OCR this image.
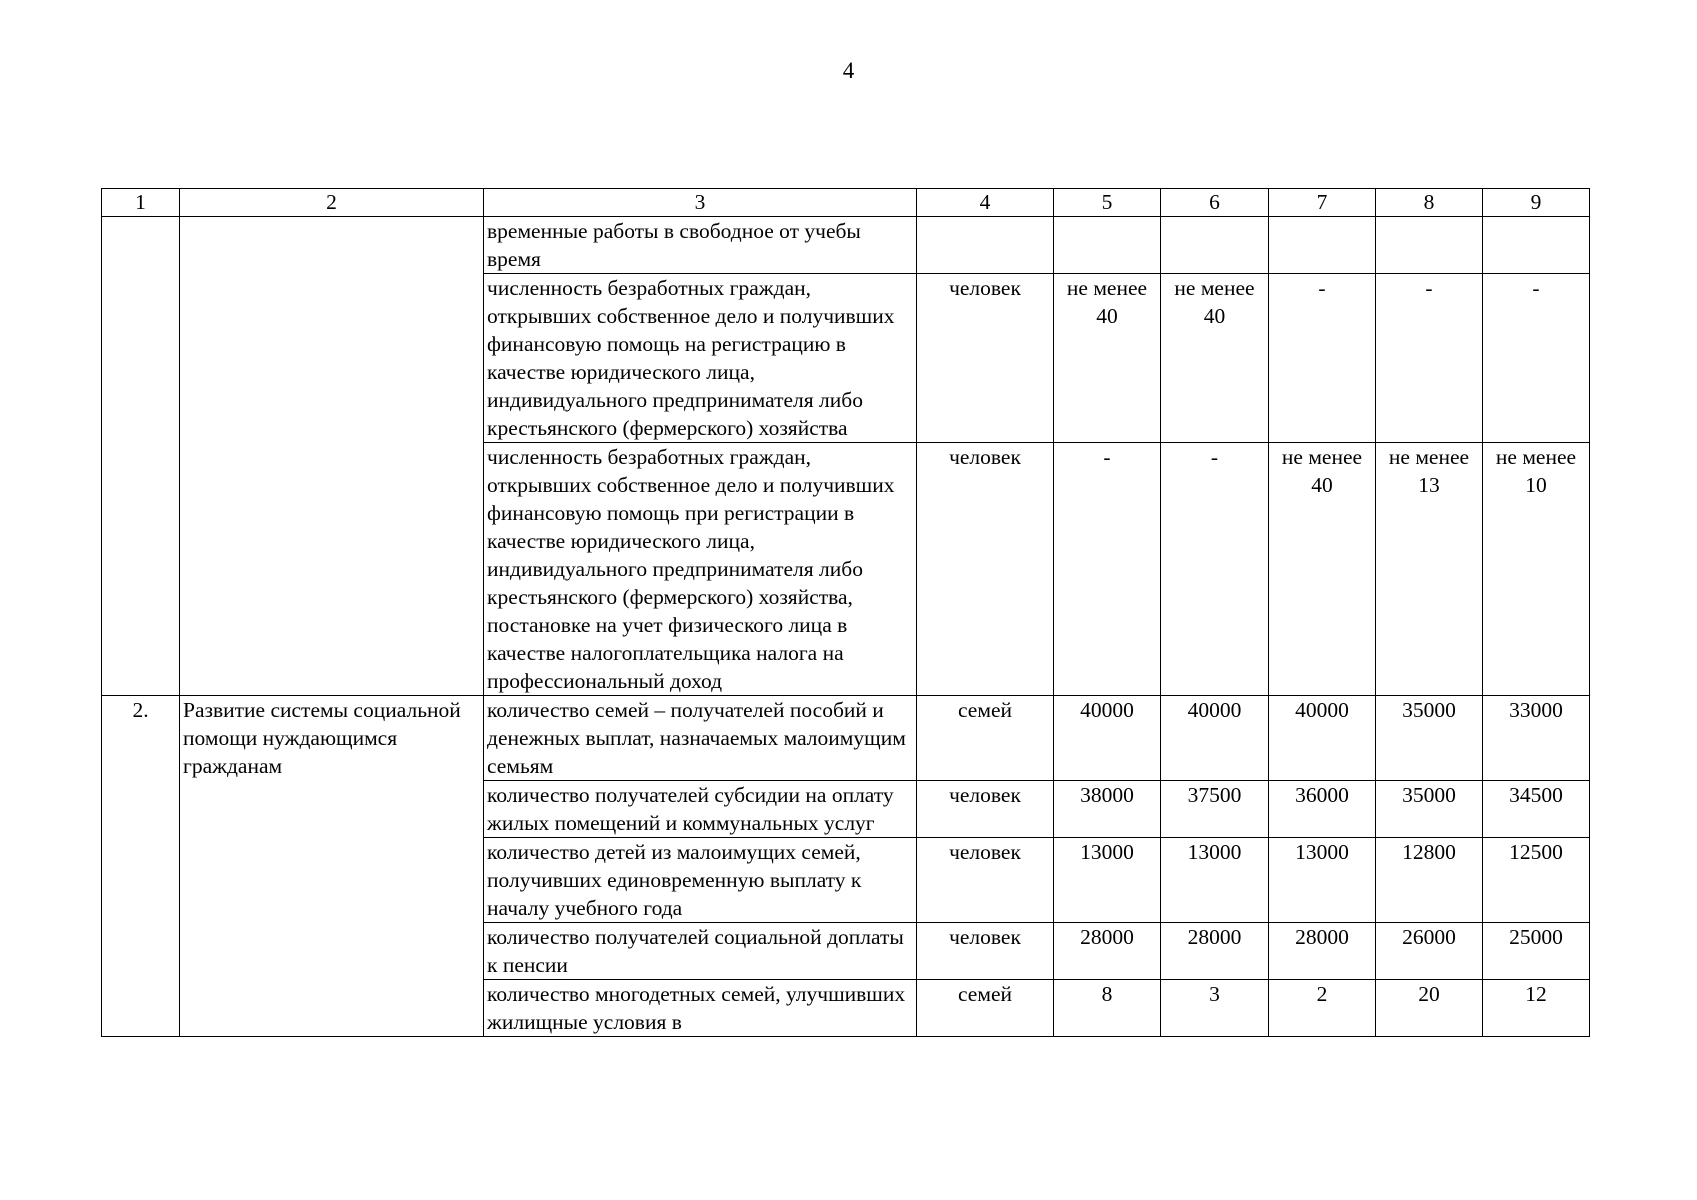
4
1	2	3	4	5	6	7	8	9
		временные работы в свободное от учебы время						
		численность безработных граждан, открывших собственное дело и получивших финансовую помощь на регистрацию в качестве юридического лица, индивидуального предпринимателя либо крестьянского (фермерского) хозяйства	человек	не менее 40	не менее 40	-	-	-
		численность безработных граждан, открывших собственное дело и получивших финансовую помощь при регистрации в качестве юридического лица, индивидуального предпринимателя либо крестьянского (фермерского) хозяйства, постановке на учет физического лица в качестве налогоплательщика налога на профессиональный доход	человек	-	-	не менее 40	не менее 13	не менее 10
2.	Развитие системы социальной помощи нуждающимся гражданам	количество семей – получателей пособий и денежных выплат, назначаемых малоимущим семьям	семей	40000	40000	40000	35000	33000
		количество получателей субсидии на оплату жилых помещений и коммунальных услуг	человек	38000	37500	36000	35000	34500
		количество детей из малоимущих семей, получивших единовременную выплату к началу учебного года	человек	13000	13000	13000	12800	12500
		количество получателей социальной доплаты к пенсии	человек	28000	28000	28000	26000	25000
		количество многодетных семей, улучшивших жилищные условия в	семей	8	3	2	20	12
